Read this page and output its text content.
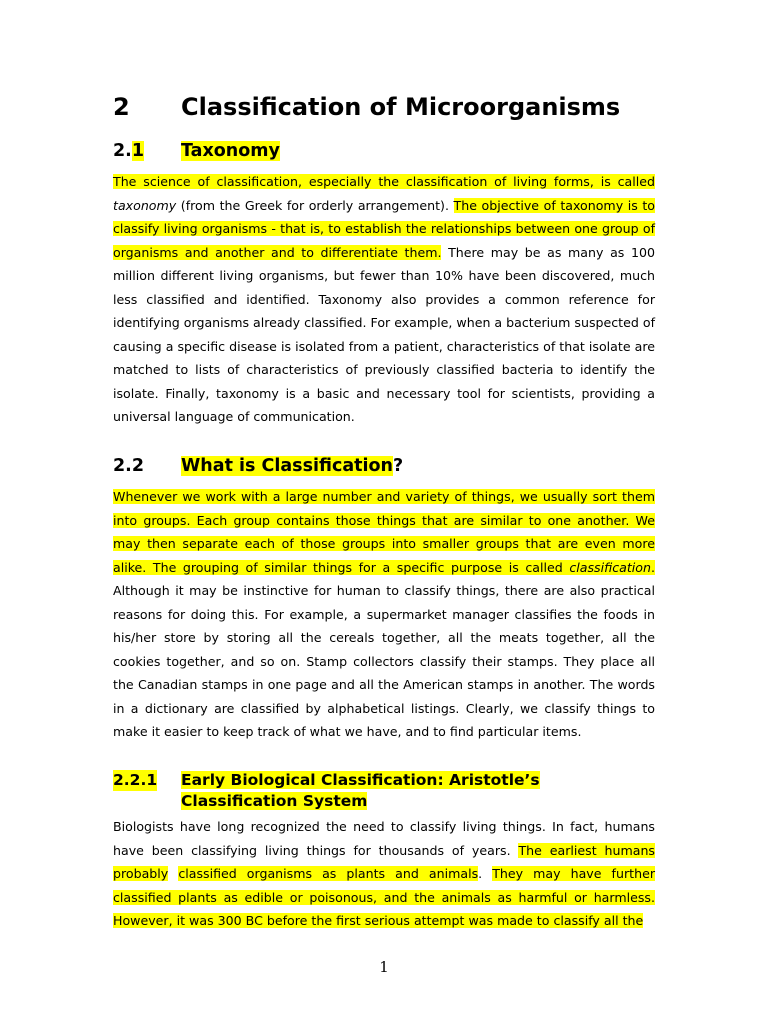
2 Classification of Microorganisms
2.1 Taxonomy

The science of classification, especially the classification of living forms, is called taxonomy (from the Greek for orderly arrangement). The objective of taxonomy is to classify living organisms - that is, to establish the relationships between one group of organisms and another and to differentiate them. There may be as many as 100 million different living organisms, but fewer than 10% have been discovered, much less classified and identified. Taxonomy also provides a common reference for identifying organisms already classified. For example, when a bacterium suspected of causing a specific disease is isolated from a patient, characteristics of that isolate are matched to lists of characteristics of previously classified bacteria to identify the isolate. Finally, taxonomy is a basic and necessary tool for scientists, providing a universal language of communication.

2.2 What is Classification?

Whenever we work with a large number and variety of things, we usually sort them into groups. Each group contains those things that are similar to one another. We may then separate each of those groups into smaller groups that are even more alike. The grouping of similar things for a specific purpose is called classification. Although it may be instinctive for human to classify things, there are also practical reasons for doing this. For example, a supermarket manager classifies the foods in his/her store by storing all the cereals together, all the meats together, all the cookies together, and so on. Stamp collectors classify their stamps. They place all the Canadian stamps in one page and all the American stamps in another. The words in a dictionary are classified by alphabetical listings. Clearly, we classify things to make it easier to keep track of what we have, and to find particular items.

2.2.1 Early Biological Classification: Aristotle’s Classification System

Biologists have long recognized the need to classify living things. In fact, humans have been classifying living things for thousands of years. The earliest humans probably classified organisms as plants and animals. They may have further classified plants as edible or poisonous, and the animals as harmful or harmless. However, it was 300 BC before the first serious attempt was made to classify all the

1
